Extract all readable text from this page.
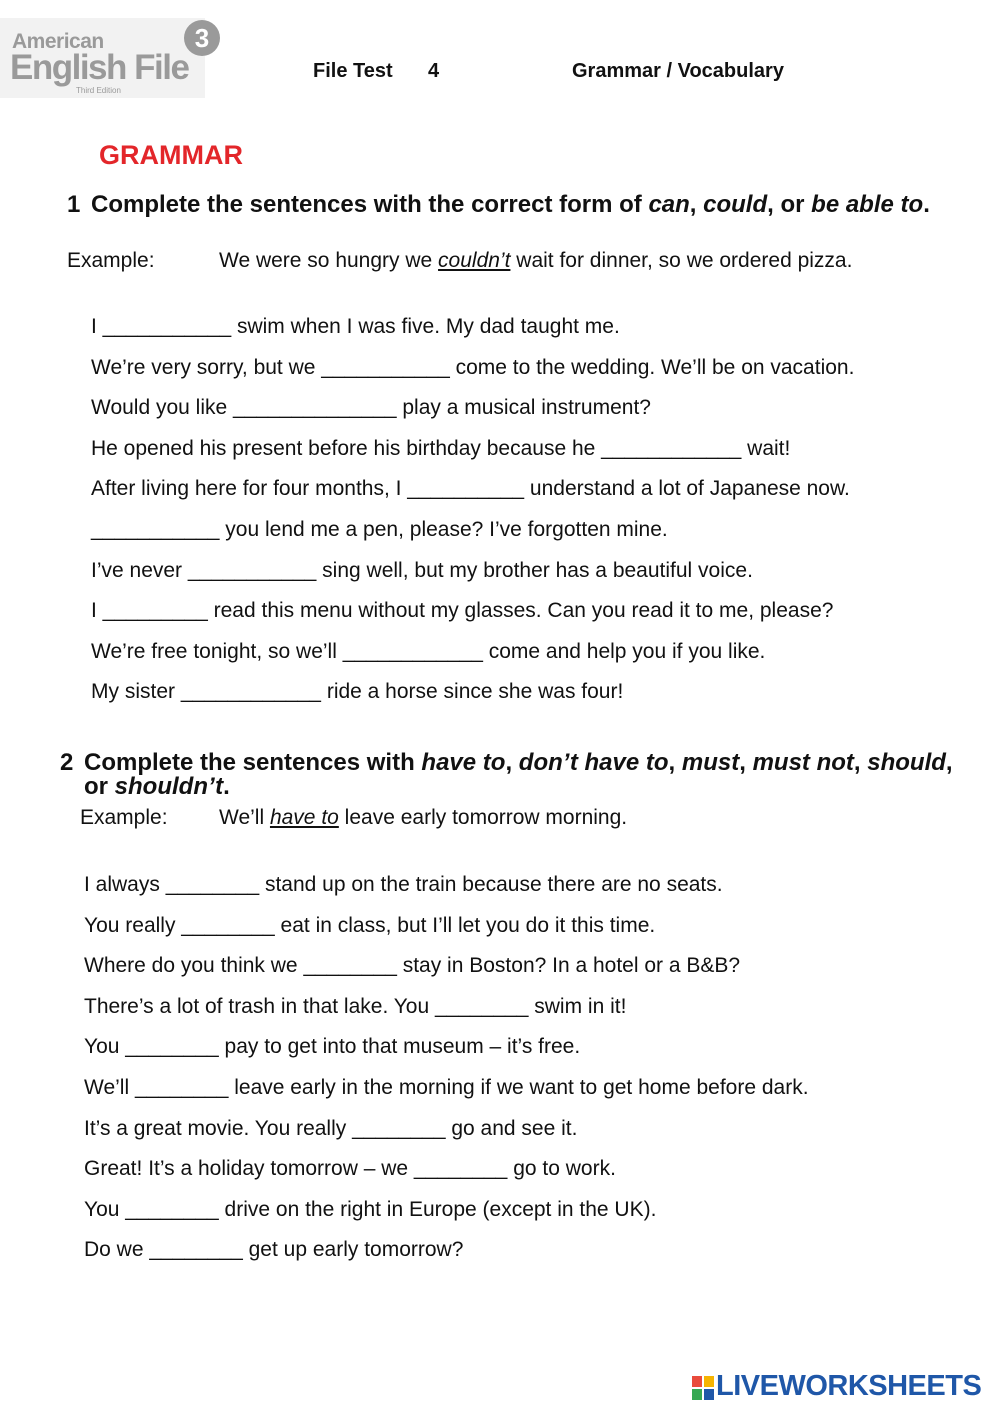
American
English File
Third Edition
3
File Test 4	Grammar / Vocabulary
GRAMMAR
1 Complete the sentences with the correct form of can, could, or be able to.
Example:	We were so hungry we couldn’t wait for dinner, so we ordered pizza.
I ___________ swim when I was five. My dad taught me.
We’re very sorry, but we ___________ come to the wedding. We’ll be on vacation.
Would you like ______________ play a musical instrument?
He opened his present before his birthday because he ____________ wait!
After living here for four months, I __________ understand a lot of Japanese now.
___________ you lend me a pen, please? I’ve forgotten mine.
I’ve never ___________ sing well, but my brother has a beautiful voice.
I _________ read this menu without my glasses. Can you read it to me, please?
We’re free tonight, so we’ll ____________ come and help you if you like.
My sister ____________ ride a horse since she was four!
2 Complete the sentences with have to, don’t have to, must, must not, should, or shouldn’t.
Example: We’ll have to leave early tomorrow morning.
I always ________ stand up on the train because there are no seats.
You really ________ eat in class, but I’ll let you do it this time.
Where do you think we ________ stay in Boston? In a hotel or a B&B?
There’s a lot of trash in that lake. You ________ swim in it!
You ________ pay to get into that museum – it’s free.
We’ll ________ leave early in the morning if we want to get home before dark.
It’s a great movie. You really ________ go and see it.
Great! It’s a holiday tomorrow – we ________ go to work.
You ________ drive on the right in Europe (except in the UK).
Do we ________ get up early tomorrow?
LIVEWORKSHEETS
